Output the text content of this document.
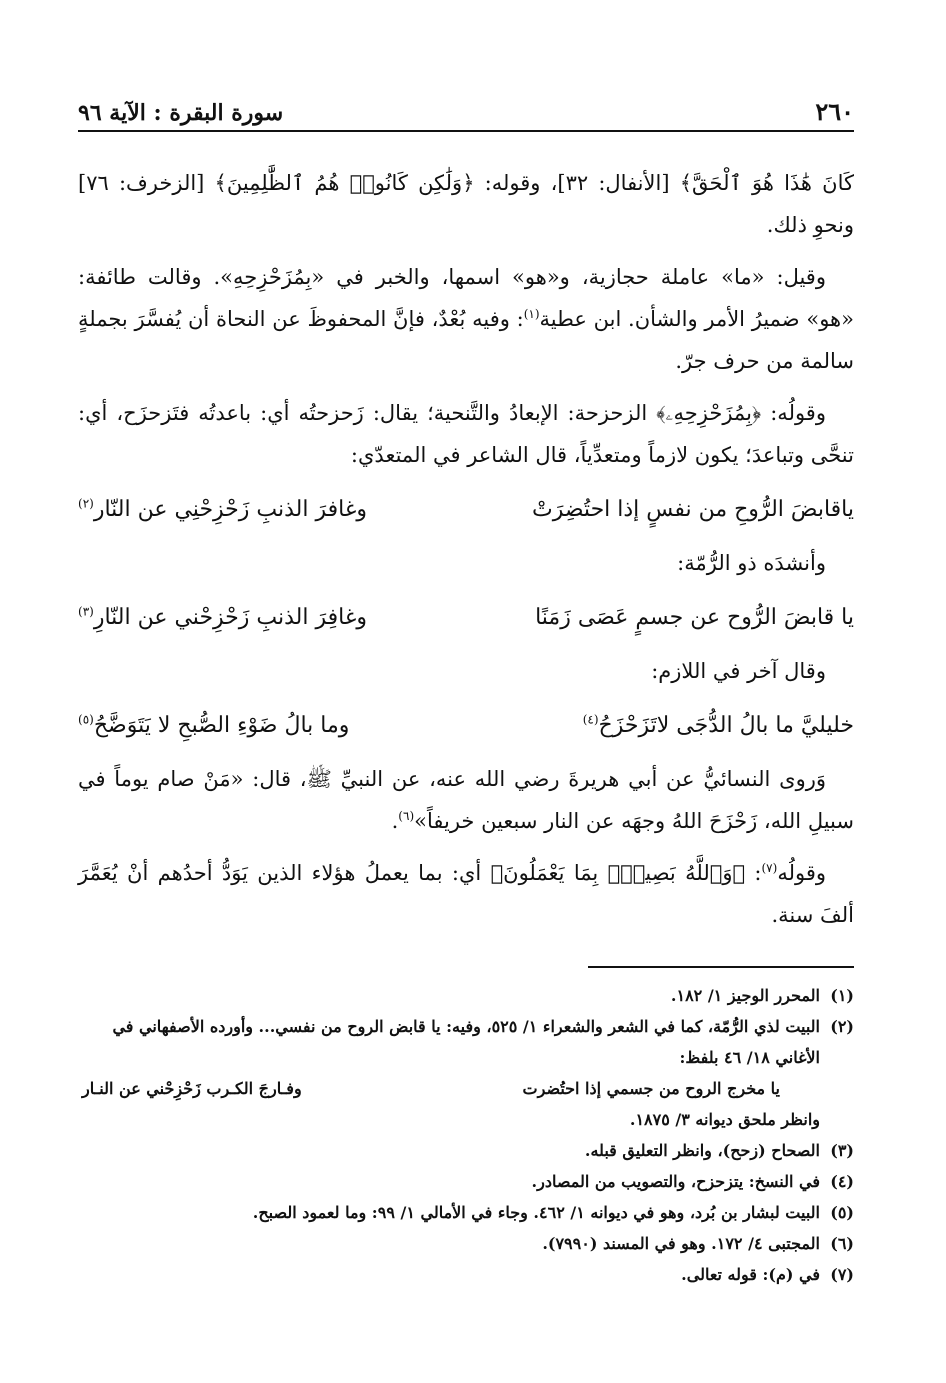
٢٦٠
سورة البقرة : الآية ٩٦

كَانَ هَٰذَا هُوَ ٱلْحَقَّ﴾ [الأنفال: ٣٢]، وقوله: ﴿وَلَٰكِن كَانُوا۟ هُمُ ٱلظَّٰلِمِينَ﴾ [الزخرف: ٧٦] ونحوِ ذلك.

وقيل: «ما» عاملة حجازية، و«هو» اسمها، والخبر في «بِمُزَحْزِحِهِ». وقالت طائفة: «هو» ضميرُ الأمر والشأن. ابن عطية$^{(١)}$: وفيه بُعْدٌ، فإنَّ المحفوظَ عن النحاة أن يُفسَّرَ بجملةٍ سالمة من حرف جرّ.

وقولُه: ﴿بِمُزَحْزِحِهِۦ﴾ الزحزحة: الإبعادُ والتَّنحية؛ يقال: زَحزحتُه أي: باعدتُه فتَزحزَح، أي: تنحَّى وتباعدَ؛ يكون لازماً ومتعدِّياً، قال الشاعر في المتعدّي:

ياقابضَ الرُّوحِ من نفسٍ إذا احتُضِرَتْ
وغافرَ الذنبِ زَحْزِحْنِي عن النّار$^{(٢)}$

وأنشدَه ذو الرُّمّة:

يا قابضَ الرُّوح عن جسمٍ عَصَى زَمَنًا
وغافِرَ الذنبِ زَحْزِحْني عن النّارِ$^{(٣)}$

وقال آخر في اللازم:

خليليَّ ما بالُ الدُّجَى لاتَزَحْزَحُ$^{(٤)}$
وما بالُ ضَوْءِ الصُّبحِ لا يَتَوَضَّحُ$^{(٥)}$

وَروى النسائيُّ عن أبي هريرةَ رضي الله عنه، عن النبيِّ ﷺ، قال: «مَنْ صام يوماً في سبيلِ الله، زَحْزَحَ اللهُ وجهَه عن النار سبعين خريفاً»$^{(٦)}$.

وقولُه$^{(٧)}$: ﴿وَٱللَّهُ بَصِيرٌۢ بِمَا يَعْمَلُونَ﴾ أي: بما يعملُ هؤلاء الذين يَوَدُّ أحدُهم أنْ يُعَمَّرَ ألفَ سنة.

(١)
المحرر الوجيز ١/ ١٨٢.
(٢)
البيت لذي الرُّمّة، كما في الشعر والشعراء ١/ ٥٢٥، وفيه: يا قابض الروح من نفسي... وأورده الأصفهاني في الأغاني ١٨/ ٤٦ بلفظ:
يا مخرج الروح من جسمي إذا احتُضرت
وفـارجَ الكـرب زَحْزِحْني عن النـار
وانظر ملحق ديوانه ٣/ ١٨٧٥.
(٣)
الصحاح (زحح)، وانظر التعليق قبله.
(٤)
في النسخ: يتزحزح، والتصويب من المصادر.
(٥)
البيت لبشار بن بُرد، وهو في ديوانه ١/ ٤٦٢. وجاء في الأمالي ١/ ٩٩: وما لعمود الصبح.
(٦)
المجتبى ٤/ ١٧٢. وهو في المسند (٧٩٩٠).
(٧)
في (م): قوله تعالى.
